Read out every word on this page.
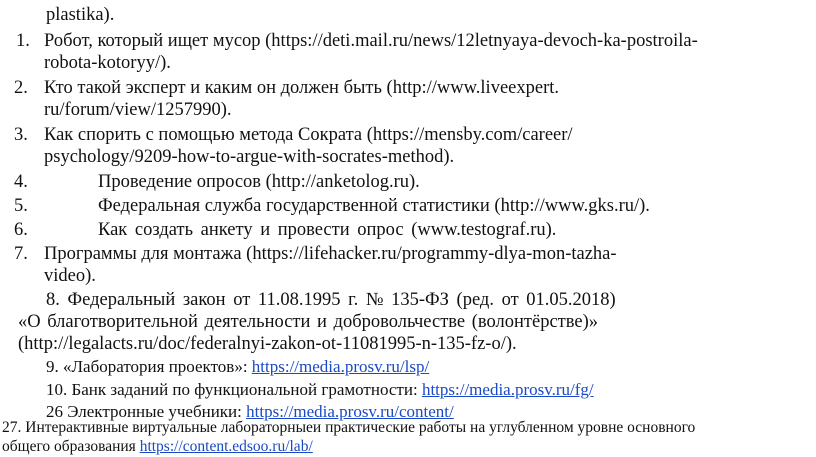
plastika).
1. Робот, который ищет мусор (https://deti.mail.ru/news/12letnyaya-devoch-ka-postroila-
robota-kotoryy/).
2. Кто такой эксперт и каким он должен быть (http://www.liveexpert.
ru/forum/view/1257990).
3. Как спорить с помощью метода Сократа (https://mensby.com/career/
psychology/9209-how-to-argue-with-socrates-method).
4.	Проведение опросов (http://anketolog.ru).
5.	Федеральная служба государственной статистики (http://www.gks.ru/).
6.	Как создать анкету и провести опрос (www.testograf.ru).
7. Программы для монтажа (https://lifehacker.ru/programmy-dlya-mon-tazha-
video).
8. Федеральный закон от 11.08.1995 г. № 135-ФЗ (ред. от 01.05.2018)
«О благотворительной деятельности и добровольчестве (волонтёрстве)»
(http://legalacts.ru/doc/federalnyi-zakon-ot-11081995-n-135-fz-o/).
9. «Лаборатория проектов»: https://media.prosv.ru/lsp/
10. Банк заданий по функциональной грамотности: https://media.prosv.ru/fg/
26 Электронные учебники: https://media.prosv.ru/content/
27. Интерактивные виртуальные лабораторныеи практические работы на углубленном уровне основного
общего образования https://content.edsoo.ru/lab/
